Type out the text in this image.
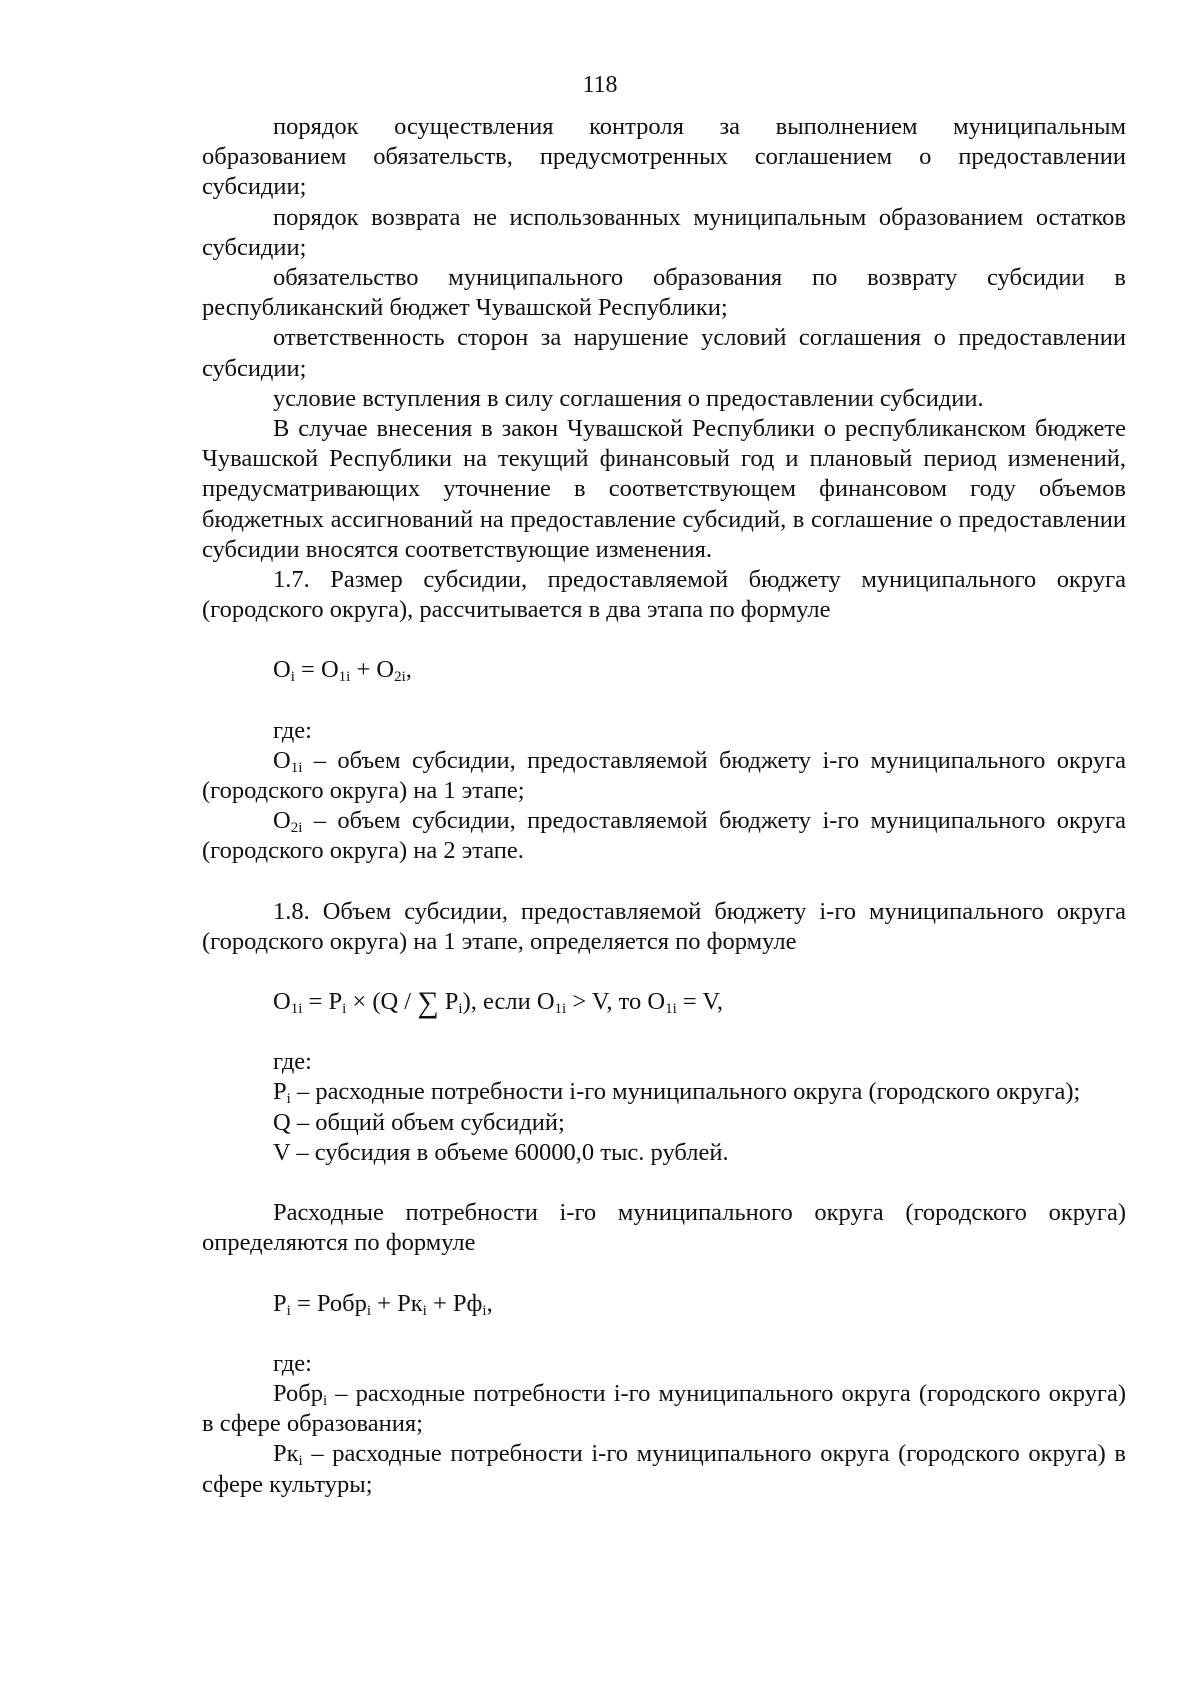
118

порядок осуществления контроля за выполнением муниципальным образованием обязательств, предусмотренных соглашением о предоставлении субсидии;

порядок возврата не использованных муниципальным образованием остатков субсидии;

обязательство муниципального образования по возврату субсидии в республиканский бюджет Чувашской Республики;

ответственность сторон за нарушение условий соглашения о предоставлении субсидии;

условие вступления в силу соглашения о предоставлении субсидии.

В случае внесения в закон Чувашской Республики о республиканском бюджете Чувашской Республики на текущий финансовый год и плановый период изменений, предусматривающих уточнение в соответствующем финансовом году объемов бюджетных ассигнований на предоставление субсидий, в соглашение о предоставлении субсидии вносятся соответствующие изменения.

1.7. Размер субсидии, предоставляемой бюджету муниципального округа (городского округа), рассчитывается в два этапа по формуле

$O_i = O_{1i} + O_{2i}$,

где:

$O_{1i}$ – объем субсидии, предоставляемой бюджету i-го муниципального округа (городского округа) на 1 этапе;

$O_{2i}$ – объем субсидии, предоставляемой бюджету i-го муниципального округа (городского округа) на 2 этапе.

1.8. Объем субсидии, предоставляемой бюджету i-го муниципального округа (городского округа) на 1 этапе, определяется по формуле

$O_{1i} = P_i \times (Q$ / ∑ $P_i$), если $O_{1i} > V$, то $O_{1i} = V$,

где:

$P_i$ – расходные потребности i-го муниципального округа (городского округа);

Q – общий объем субсидий;

V – субсидия в объеме 60000,0 тыс. рублей.

Расходные потребности i-го муниципального округа (городского округа) определяются по формуле

$P_i$ = Робр$_i$ + $Рк_i + Рф_i$,

где:

Робр$_i$ – расходные потребности i-го муниципального округа (городского округа) в сфере образования;

$Рк_i$ – расходные потребности i-го муниципального округа (городского округа) в сфере культуры;
